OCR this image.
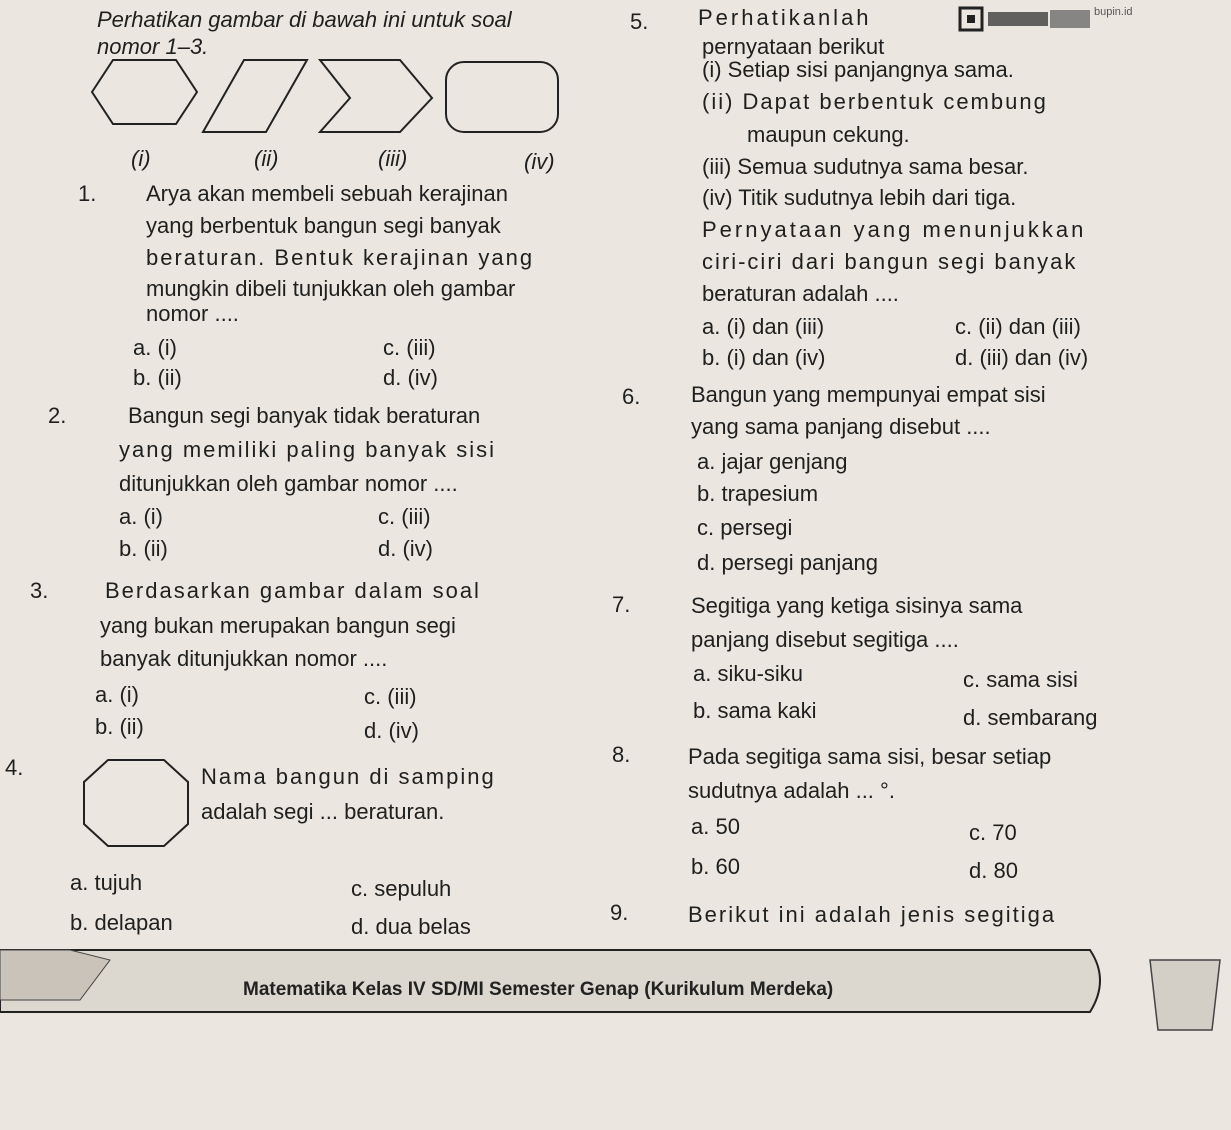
bupin.id
Perhatikan gambar di bawah ini untuk soal
nomor 1–3.
(i)	(ii)	(iii)	(iv)
1. Arya akan membeli sebuah kerajinan
yang berbentuk bangun segi banyak
beraturan. Bentuk kerajinan yang
mungkin dibeli tunjukkan oleh gambar
nomor ....
a. (i)
b. (ii)
c. (iii)
d. (iv)
2.	Bangun segi banyak tidak beraturan
yang memiliki paling banyak sisi
ditunjukkan oleh gambar nomor ....
a. (i)
b. (ii)
c. (iii)
d. (iv)
3.	Berdasarkan gambar dalam soal
yang bukan merupakan bangun segi
banyak ditunjukkan nomor ....
a. (i)
b. (ii)
c. (iii)
d. (iv)
4.	Nama bangun di samping
adalah segi ... beraturan.
a. tujuh
b. delapan
c. sepuluh
d. dua belas
5. Perhatikanlah
pernyataan berikut
(i) Setiap sisi panjangnya sama.
(ii) Dapat berbentuk cembung
maupun cekung.
(iii) Semua sudutnya sama besar.
(iv) Titik sudutnya lebih dari tiga.
Pernyataan yang menunjukkan
ciri-ciri dari bangun segi banyak
beraturan adalah ....
a. (i) dan (iii)
b. (i) dan (iv)
c. (ii) dan (iii)
d. (iii) dan (iv)
6. Bangun yang mempunyai empat sisi
yang sama panjang disebut ....
a. jajar genjang
b. trapesium
c. persegi
d. persegi panjang
7.	Segitiga yang ketiga sisinya sama
panjang disebut segitiga ....
a. siku-siku
b. sama kaki
c. sama sisi
d. sembarang
8.	Pada segitiga sama sisi, besar setiap
sudutnya adalah ... °.
a. 50
b. 60
c. 70
d. 80
9.	Berikut ini adalah jenis segitiga
Matematika Kelas IV SD/MI Semester Genap (Kurikulum Merdeka)
